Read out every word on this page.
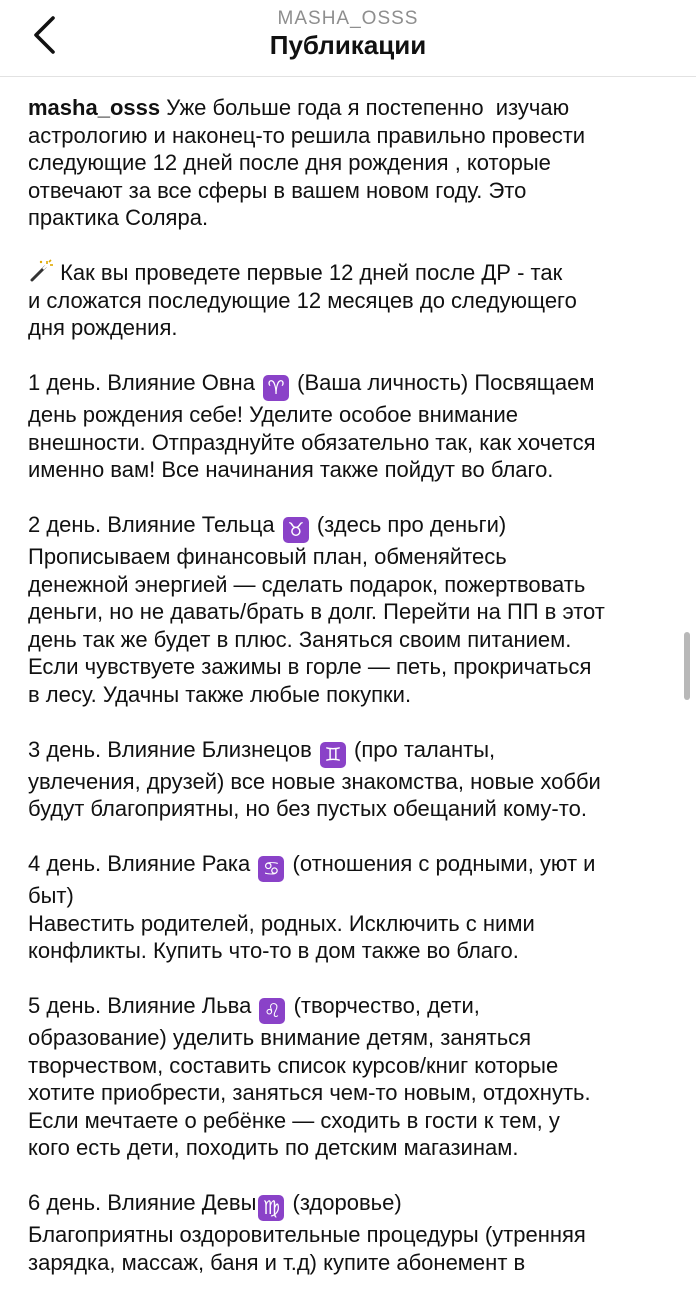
MASHA_OSSS
Публикации

masha_osss Уже больше года я постепенно  изучаю
астрологию и наконец-то решила правильно провести
следующие 12 дней после дня рождения , которые
отвечают за все сферы в вашем новом году. Это
практика Соляра.

Как вы проведете первые 12 дней после ДР - так
и сложатся последующие 12 месяцев до следующего
дня рождения.

1 день. Влияние Овна ♈ (Ваша личность) Посвящаем
день рождения себе! Уделите особое внимание
внешности. Отпразднуйте обязательно так, как хочется
именно вам! Все начинания также пойдут во благо.

2 день. Влияние Тельца ♉ (здесь про деньги)
Прописываем финансовый план, обменяйтесь
денежной энергией — сделать подарок, пожертвовать
деньги, но не давать/брать в долг. Перейти на ПП в этот
день так же будет в плюс. Заняться своим питанием.
Если чувствуете зажимы в горле — петь, прокричаться
в лесу. Удачны также любые покупки.

3 день. Влияние Близнецов ♊ (про таланты,
увлечения, друзей) все новые знакомства, новые хобби
будут благоприятны, но без пустых обещаний кому-то.

4 день. Влияние Рака ♋ (отношения с родными, уют и
быт)
Навестить родителей, родных. Исключить с ними
конфликты. Купить что-то в дом также во благо.

5 день. Влияние Льва ♌ (творчество, дети,
образование) уделить внимание детям, заняться
творчеством, составить список курсов/книг которые
хотите приобрести, заняться чем-то новым, отдохнуть.
Если мечтаете о ребёнке — сходить в гости к тем, у
кого есть дети, походить по детским магазинам.

6 день. Влияние Девы ♍ (здоровье)
Благоприятны оздоровительные процедуры (утренняя
зарядка, массаж, баня и т.д) купите абонемент в
